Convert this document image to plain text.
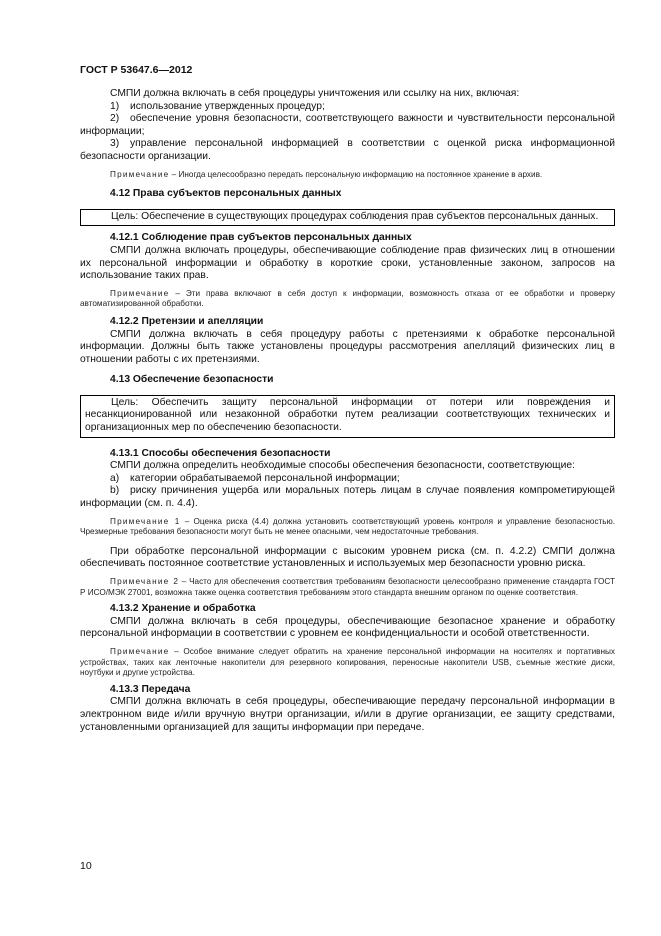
ГОСТ Р 53647.6—2012

СМПИ должна включать в себя процедуры уничтожения или ссылку на них, включая:

1) использование утвержденных процедур;

2) обеспечение уровня безопасности, соответствующего важности и чувствительности персональной информации;

3) управление персональной информацией в соответствии с оценкой риска информационной безопасности организации.

Примечание – Иногда целесообразно передать персональную информацию на постоянное хранение в архив.

4.12 Права субъектов персональных данных

Цель: Обеспечение в существующих процедурах соблюдения прав субъектов персональных данных.

4.12.1 Соблюдение прав субъектов персональных данных

СМПИ должна включать процедуры, обеспечивающие соблюдение прав физических лиц в отношении их персональной информации и обработку в короткие сроки, установленные законом, запросов на использование таких прав.

Примечание – Эти права включают в себя доступ к информации, возможность отказа от ее обработки и проверку автоматизированной обработки.

4.12.2 Претензии и апелляции

СМПИ должна включать в себя процедуру работы с претензиями к обработке персональной информации. Должны быть также установлены процедуры рассмотрения апелляций физических лиц в отношении работы с их претензиями.

4.13 Обеспечение безопасности

Цель: Обеспечить защиту персональной информации от потери или повреждения и несанкционированной или незаконной обработки путем реализации соответствующих технических и организационных мер по обеспечению безопасности.

4.13.1 Способы обеспечения безопасности

СМПИ должна определить необходимые способы обеспечения безопасности, соответствующие:

а) категории обрабатываемой персональной информации;

b) риску причинения ущерба или моральных потерь лицам в случае появления компрометирующей информации (см. п. 4.4).

Примечание 1 – Оценка риска (4.4) должна установить соответствующий уровень контроля и управление безопасностью. Чрезмерные требования безопасности могут быть не менее опасными, чем недостаточные требования.

При обработке персональной информации с высоким уровнем риска (см. п. 4.2.2) СМПИ должна обеспечивать постоянное соответствие установленных и используемых мер безопасности уровню риска.

Примечание 2 – Часто для обеспечения соответствия требованиям безопасности целесообразно применение стандарта ГОСТ Р ИСО/МЭК 27001, возможна также оценка соответствия требованиям этого стандарта внешним органом по оценке соответствия.

4.13.2 Хранение и обработка

СМПИ должна включать в себя процедуры, обеспечивающие безопасное хранение и обработку персональной информации в соответствии с уровнем ее конфиденциальности и особой ответственности.

Примечание – Особое внимание следует обратить на хранение персональной информации на носителях и портативных устройствах, таких как ленточные накопители для резервного копирования, переносные накопители USB, съемные жесткие диски, ноутбуки и другие устройства.

4.13.3 Передача

СМПИ должна включать в себя процедуры, обеспечивающие передачу персональной информации в электронном виде и/или вручную внутри организации, и/или в другие организации, ее защиту средствами, установленными организацией для защиты информации при передаче.

10
